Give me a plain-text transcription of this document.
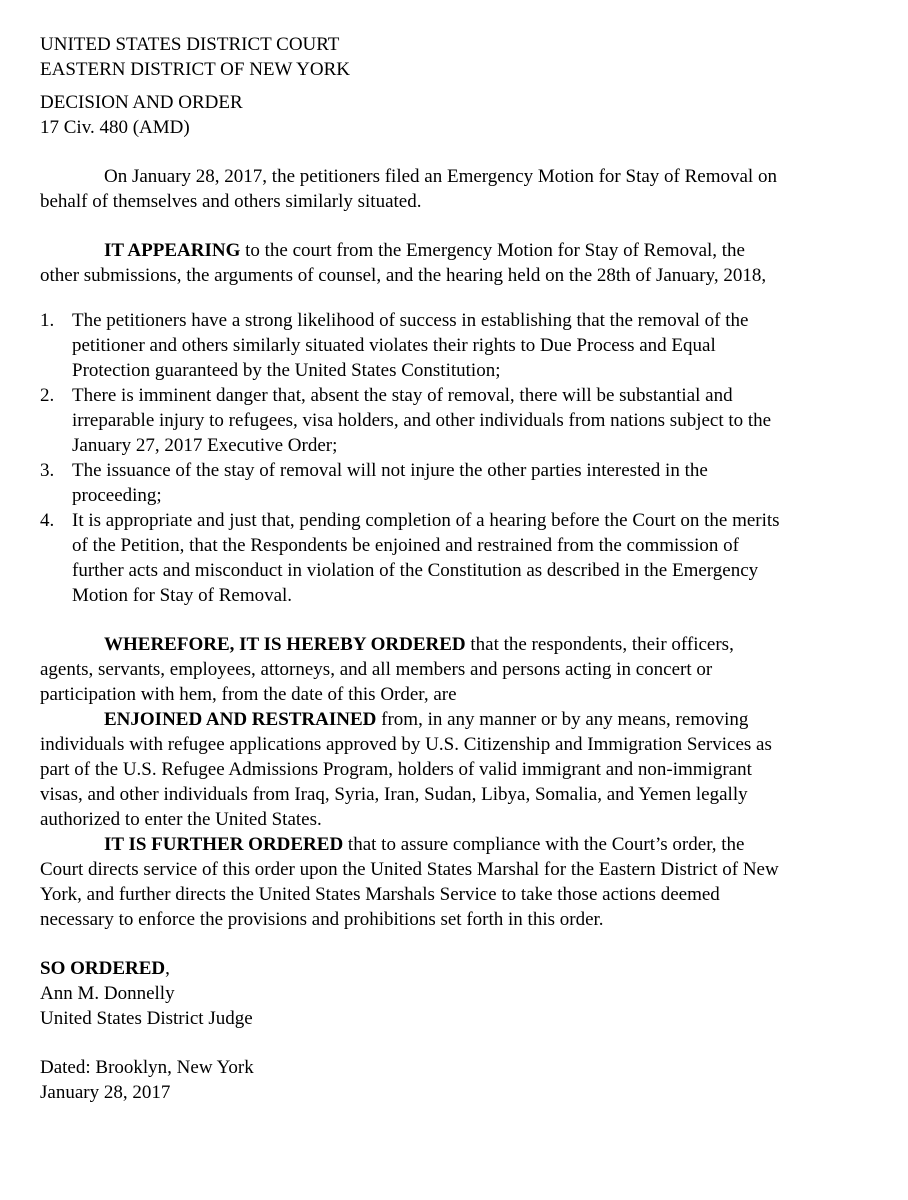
UNITED STATES DISTRICT COURT
EASTERN DISTRICT OF NEW YORK
DECISION AND ORDER
17 Civ. 480 (AMD)
On January 28, 2017, the petitioners filed an Emergency Motion for Stay of Removal on
behalf of themselves and others similarly situated.
IT APPEARING to the court from the Emergency Motion for Stay of Removal, the
other submissions, the arguments of counsel, and the hearing held on the 28th of January, 2018,
1. The petitioners have a strong likelihood of success in establishing that the removal of the
petitioner and others similarly situated violates their rights to Due Process and Equal
Protection guaranteed by the United States Constitution;
2. There is imminent danger that, absent the stay of removal, there will be substantial and
irreparable injury to refugees, visa holders, and other individuals from nations subject to the
January 27, 2017 Executive Order;
3. The issuance of the stay of removal will not injure the other parties interested in the
proceeding;
4. It is appropriate and just that, pending completion of a hearing before the Court on the merits
of the Petition, that the Respondents be enjoined and restrained from the commission of
further acts and misconduct in violation of the Constitution as described in the Emergency
Motion for Stay of Removal.
WHEREFORE, IT IS HEREBY ORDERED that the respondents, their officers,
agents, servants, employees, attorneys, and all members and persons acting in concert or
participation with hem, from the date of this Order, are
ENJOINED AND RESTRAINED from, in any manner or by any means, removing
individuals with refugee applications approved by U.S. Citizenship and Immigration Services as
part of the U.S. Refugee Admissions Program, holders of valid immigrant and non-immigrant
visas, and other individuals from Iraq, Syria, Iran, Sudan, Libya, Somalia, and Yemen legally
authorized to enter the United States.
IT IS FURTHER ORDERED that to assure compliance with the Court’s order, the
Court directs service of this order upon the United States Marshal for the Eastern District of New
York, and further directs the United States Marshals Service to take those actions deemed
necessary to enforce the provisions and prohibitions set forth in this order.
SO ORDERED,
Ann M. Donnelly
United States District Judge
Dated: Brooklyn, New York
January 28, 2017
